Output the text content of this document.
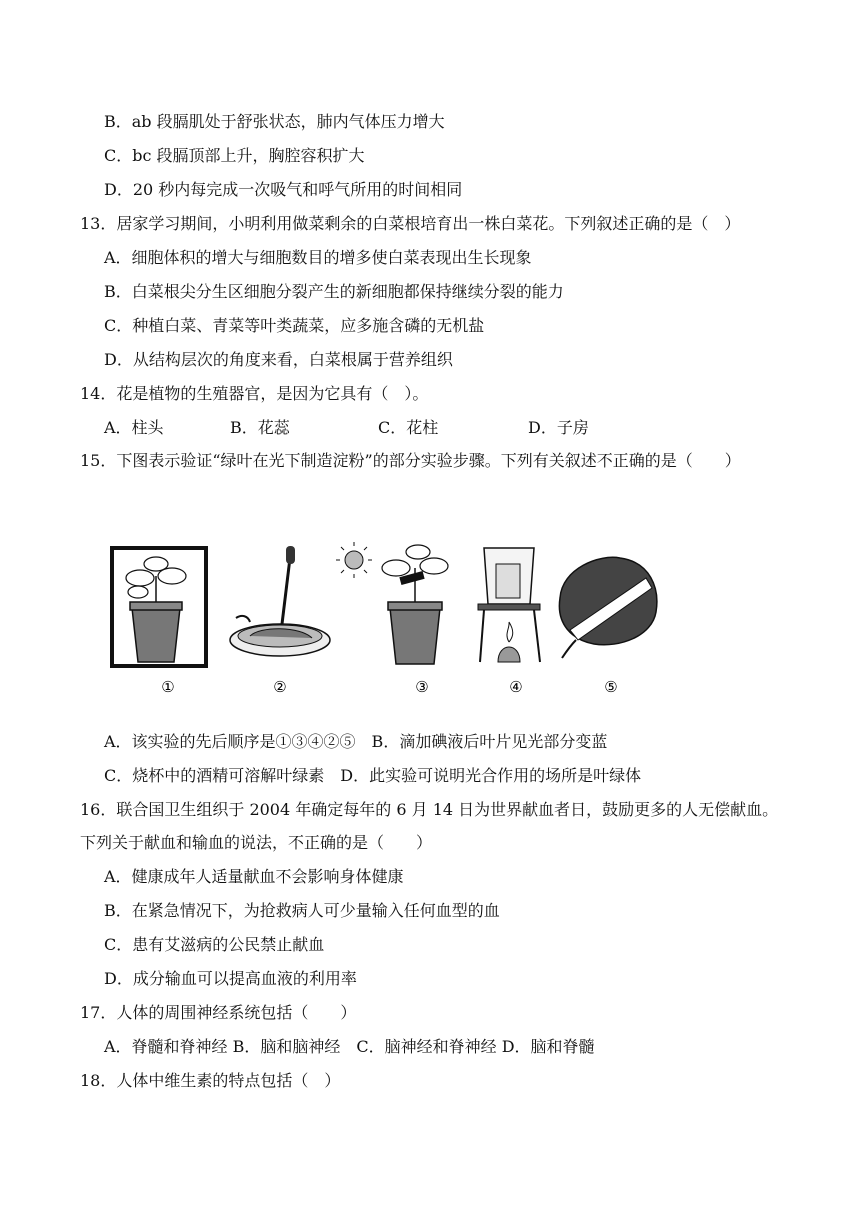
B．ab 段膈肌处于舒张状态，肺内气体压力增大
C．bc 段膈顶部上升，胸腔容积扩大
D．20 秒内每完成一次吸气和呼气所用的时间相同
13．居家学习期间，小明利用做菜剩余的白菜根培育出一株白菜花。下列叙述正确的是（　）
A．细胞体积的增大与细胞数目的增多使白菜表现出生长现象
B．白菜根尖分生区细胞分裂产生的新细胞都保持继续分裂的能力
C．种植白菜、青菜等叶类蔬菜，应多施含磷的无机盐
D．从结构层次的角度来看，白菜根属于营养组织
14．花是植物的生殖器官，是因为它具有（　）。
A．柱头	B．花蕊	C．花柱	D．子房
15．下图表示验证“绿叶在光下制造淀粉”的部分实验步骤。下列有关叙述不正确的是（　　）
①	②	③	④	⑤
A．该实验的先后顺序是①③④②⑤　B．滴加碘液后叶片见光部分变蓝
C．烧杯中的酒精可溶解叶绿素　D．此实验可说明光合作用的场所是叶绿体
16．联合国卫生组织于 2004 年确定每年的 6 月 14 日为世界献血者日，鼓励更多的人无偿献血。
下列关于献血和输血的说法，不正确的是（　　）
A．健康成年人适量献血不会影响身体健康
B．在紧急情况下，为抢救病人可少量输入任何血型的血
C．患有艾滋病的公民禁止献血
D．成分输血可以提高血液的利用率
17．人体的周围神经系统包括（　　）
A．脊髓和脊神经 B．脑和脑神经　C．脑神经和脊神经 D．脑和脊髓
18．人体中维生素的特点包括（　）
